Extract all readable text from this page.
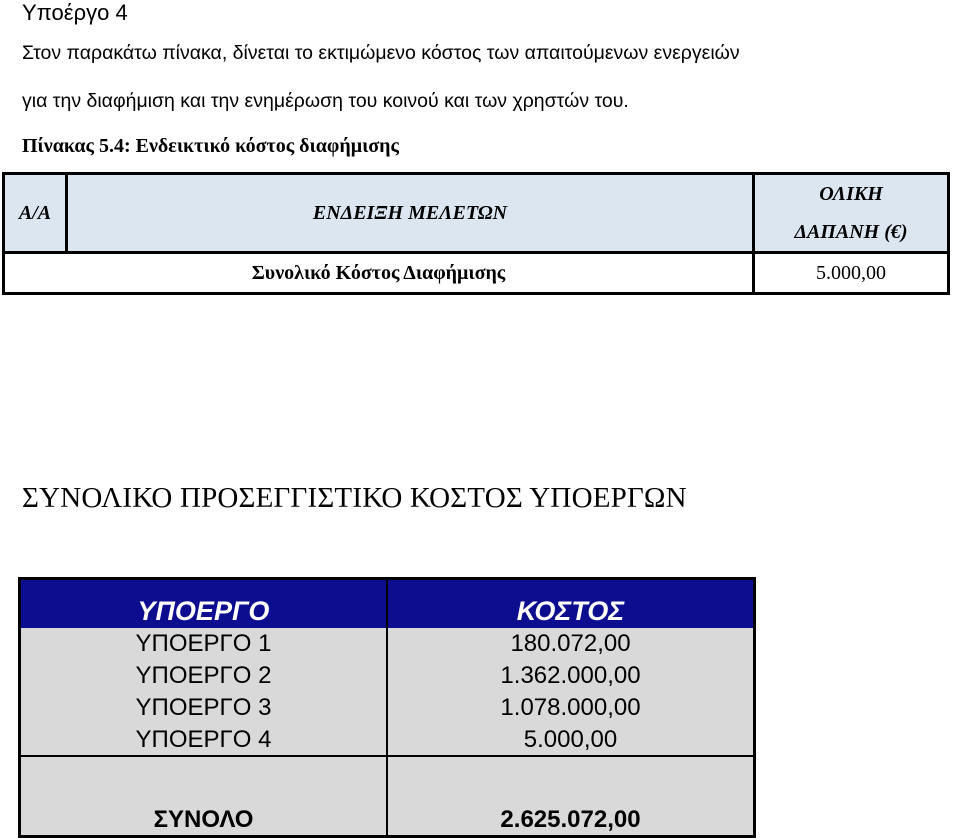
Υποέργο 4
Στον παρακάτω πίνακα, δίνεται το εκτιμώμενο κόστος των απαιτούμενων ενεργειών
για την διαφήμιση και την ενημέρωση του κοινού και των χρηστών του.
Πίνακας 5.4: Ενδεικτικό κόστος διαφήμισης
Α/Α	ΕΝΔΕΙΞΗ ΜΕΛΕΤΩΝ	ΟΛΙΚΗ
ΔΑΠΑΝΗ (€)

Συνολικό Κόστος Διαφήμισης		5.000,00
ΣΥΝΟΛΙΚΟ ΠΡΟΣΕΓΓΙΣΤΙΚΟ ΚΟΣΤΟΣ ΥΠΟΕΡΓΩΝ
ΥΠΟΕΡΓΟ	ΚΟΣΤΟΣ
ΥΠΟΕΡΓΟ 1	180.072,00
ΥΠΟΕΡΓΟ 2	1.362.000,00
ΥΠΟΕΡΓΟ 3	1.078.000,00
ΥΠΟΕΡΓΟ 4	5.000,00
ΣΥΝΟΛΟ	2.625.072,00
